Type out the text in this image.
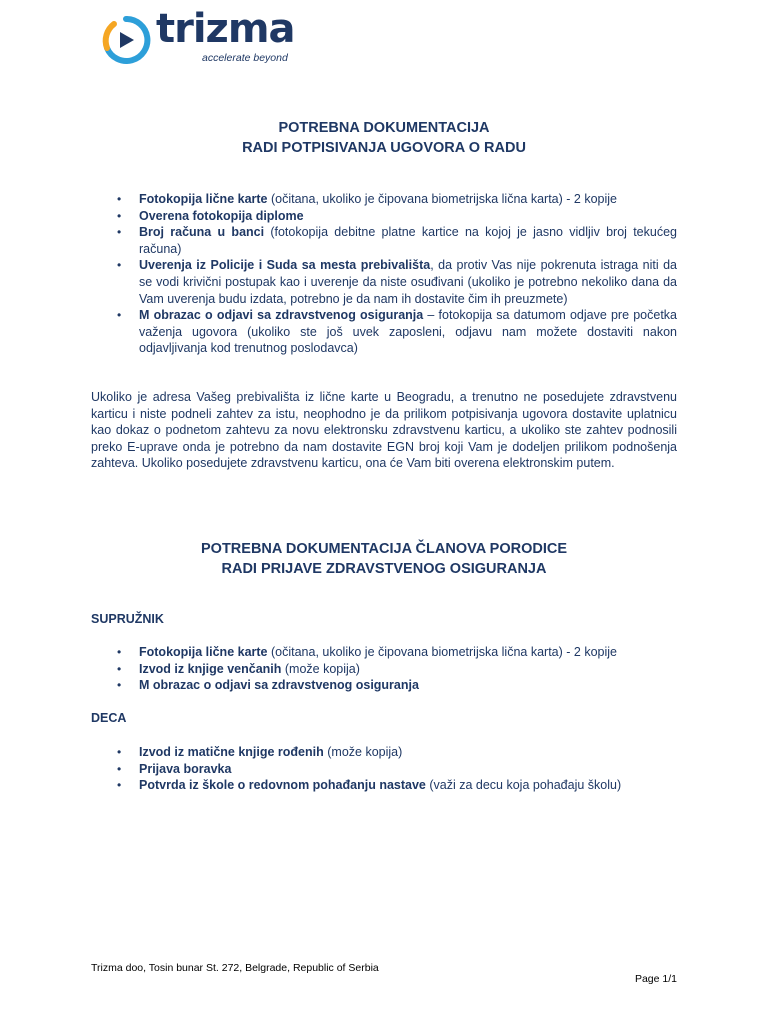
trizma
accelerate beyond
POTREBNA DOKUMENTACIJA
RADI POTPISIVANJA UGOVORA O RADU
• Fotokopija lične karte (očitana, ukoliko je čipovana biometrijska lična karta) - 2 kopije
• Overena fotokopija diplome
• Broj računa u banci (fotokopija debitne platne kartice na kojoj je jasno vidljiv broj tekućeg računa)
• Uverenja iz Policije i Suda sa mesta prebivališta, da protiv Vas nije pokrenuta istraga niti da se vodi krivični postupak kao i uverenje da niste osuđivani (ukoliko je potrebno nekoliko dana da Vam uverenja budu izdata, potrebno je da nam ih dostavite čim ih preuzmete)
• M obrazac o odjavi sa zdravstvenog osiguranja – fotokopija sa datumom odjave pre početka važenja ugovora (ukoliko ste još uvek zaposleni, odjavu nam možete dostaviti nakon odjavljivanja kod trenutnog poslodavca)

Ukoliko je adresa Vašeg prebivališta iz lične karte u Beogradu, a trenutno ne posedujete zdravstvenu karticu i niste podneli zahtev za istu, neophodno je da prilikom potpisivanja ugovora dostavite uplatnicu kao dokaz o podnetom zahtevu za novu elektronsku zdravstvenu karticu, a ukoliko ste zahtev podnosili preko E-uprave onda je potrebno da nam dostavite EGN broj koji Vam je dodeljen prilikom podnošenja zahteva. Ukoliko posedujete zdravstvenu karticu, ona će Vam biti overena elektronskim putem.

POTREBNA DOKUMENTACIJA ČLANOVA PORODICE
RADI PRIJAVE ZDRAVSTVENOG OSIGURANJA
SUPRUŽNIK
• Fotokopija lične karte (očitana, ukoliko je čipovana biometrijska lična karta) - 2 kopije
• Izvod iz knjige venčanih (može kopija)
• M obrazac o odjavi sa zdravstvenog osiguranja
DECA
• Izvod iz matične knjige rođenih (može kopija)
• Prijava boravka
• Potvrda iz škole o redovnom pohađanju nastave (važi za decu koja pohađaju školu)
Trizma doo, Tosin bunar St. 272, Belgrade, Republic of Serbia
Page 1/1
